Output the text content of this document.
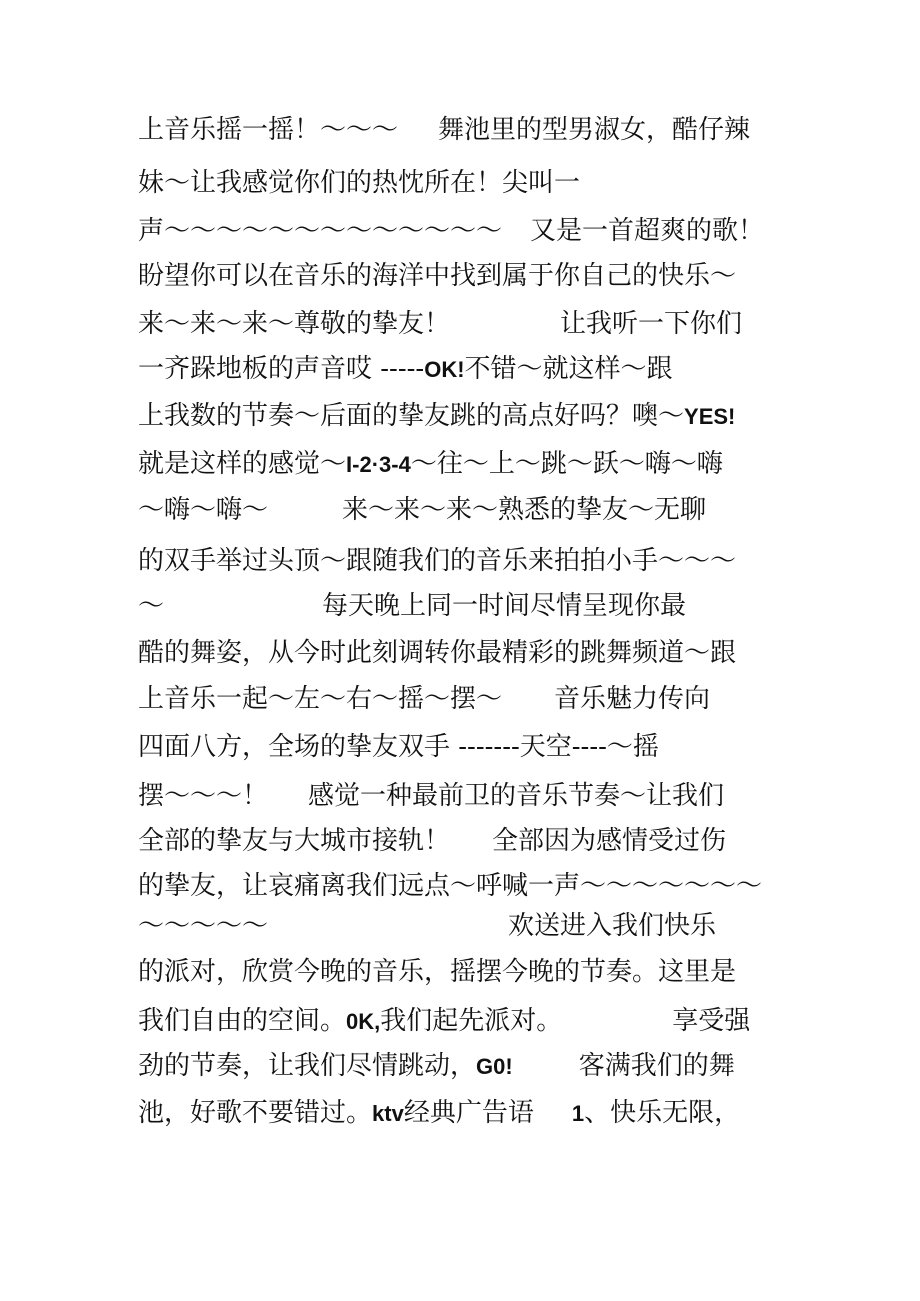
上音乐摇一摇！～～～ 舞池里的型男淑女，酷仔辣
妹～让我感觉你们的热忱所在！尖叫一
声～～～～～～～～～～～～～ 又是一首超爽的歌！
盼望你可以在音乐的海洋中找到属于你自己的快乐～
来～来～来～尊敬的挚友！	让我听一下你们
一齐跺地板的声音哎 -----OK!不错～就这样～跟
上我数的节奏～后面的挚友跳的高点好吗？噢～YES!
就是这样的感觉～I-2·3-4～往～上～跳～跃～嗨～嗨
～嗨～嗨～	来～来～来～熟悉的挚友～无聊
的双手举过头顶～跟随我们的音乐来拍拍小手～～～
～	每天晚上同一时间尽情呈现你最
酷的舞姿，从今时此刻调转你最精彩的跳舞频道～跟
上音乐一起～左～右～摇～摆～ 音乐魅力传向
四面八方，全场的挚友双手 -------天空----～摇
摆～～～！ 感觉一种最前卫的音乐节奏～让我们
全部的挚友与大城市接轨！ 全部因为感情受过伤
的挚友，让哀痛离我们远点～呼喊一声～～～～～～～
～～～～～	欢送进入我们快乐
的派对，欣赏今晚的音乐，摇摆今晚的节奏。这里是
我们自由的空间。0K,我们起先派对。	享受强
劲的节奏，让我们尽情跳动，G0!	客满我们的舞
池，好歌不要错过。ktv经典广告语 1、快乐无限，
